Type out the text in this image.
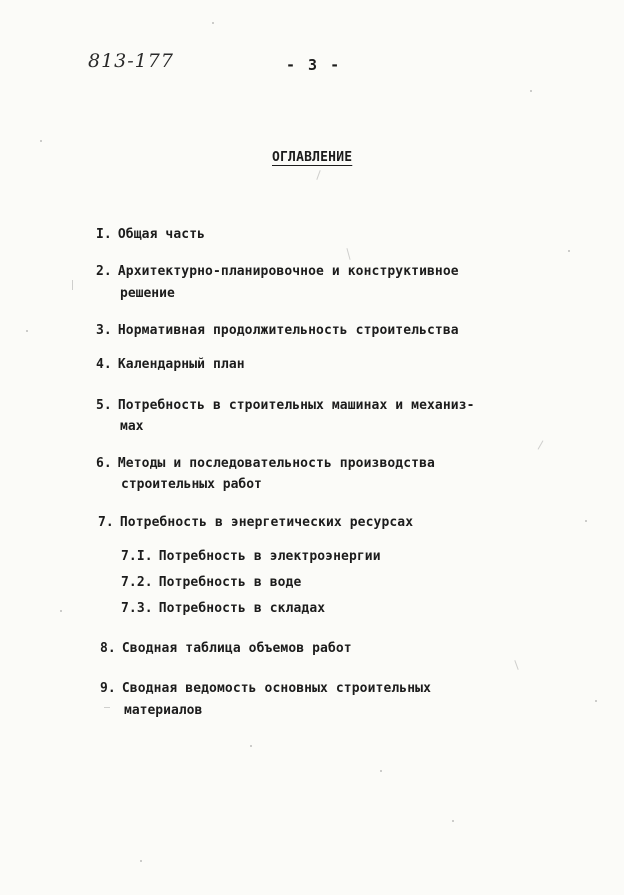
813-177	- 3 -
ОГЛАВЛЕНИЕ
I. Общая часть
2. Архитектурно-планировочное и конструктивное
решение
3. Нормативная продолжительность строительства
4. Календарный план
5. Потребность в строительных машинах и механиз-
мах
6. Методы и последовательность производства
строительных работ
7. Потребность в энергетических ресурсах
7.I. Потребность в электроэнергии
7.2. Потребность в воде
7.3. Потребность в складах
8. Сводная таблица объемов работ
9. Сводная ведомость основных строительных
материалов
